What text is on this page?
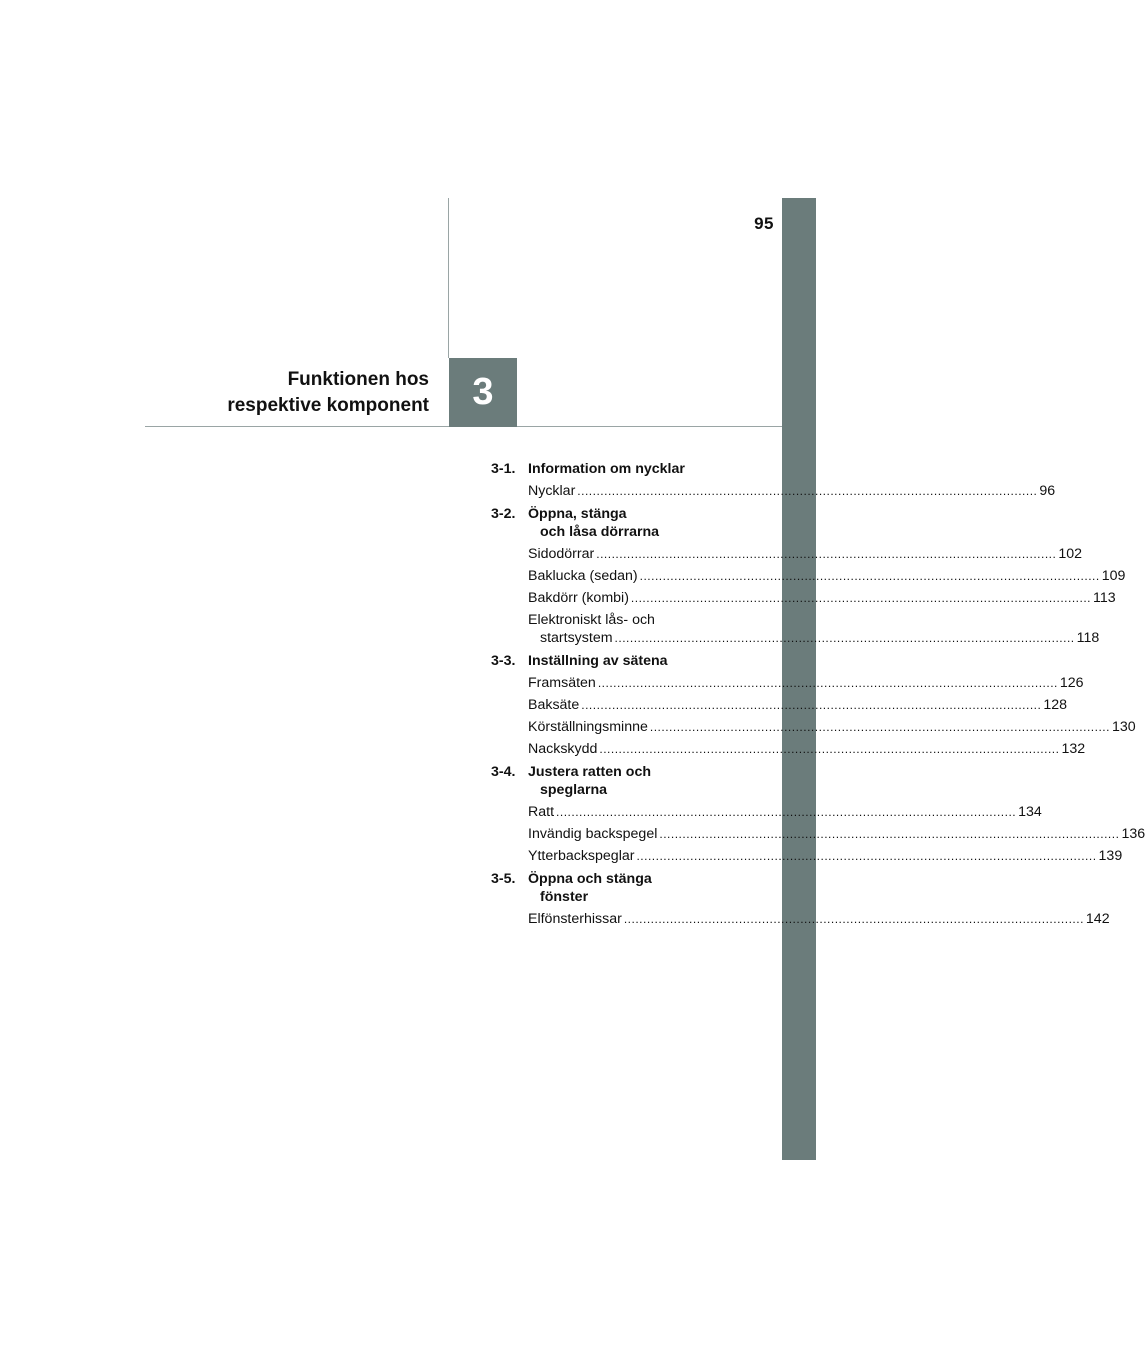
95
3
Funktionen hos
respektive komponent
3-1. Information om nycklar
Nycklar ........................................................................................................................ 96
3-2. Öppna, stänga
och låsa dörrarna
Sidodörrar ........................................................................................................................ 102
Baklucka (sedan) ........................................................................................................................ 109
Bakdörr (kombi) ........................................................................................................................ 113
Elektroniskt lås- och
startsystem ........................................................................................................................ 118
3-3. Inställning av sätena
Framsäten ........................................................................................................................ 126
Baksäte ........................................................................................................................ 128
Körställningsminne ........................................................................................................................ 130
Nackskydd ........................................................................................................................ 132
3-4. Justera ratten och
speglarna
Ratt ........................................................................................................................ 134
Invändig backspegel ........................................................................................................................ 136
Ytterbackspeglar ........................................................................................................................ 139
3-5. Öppna och stänga
fönster
Elfönsterhissar ........................................................................................................................ 142
